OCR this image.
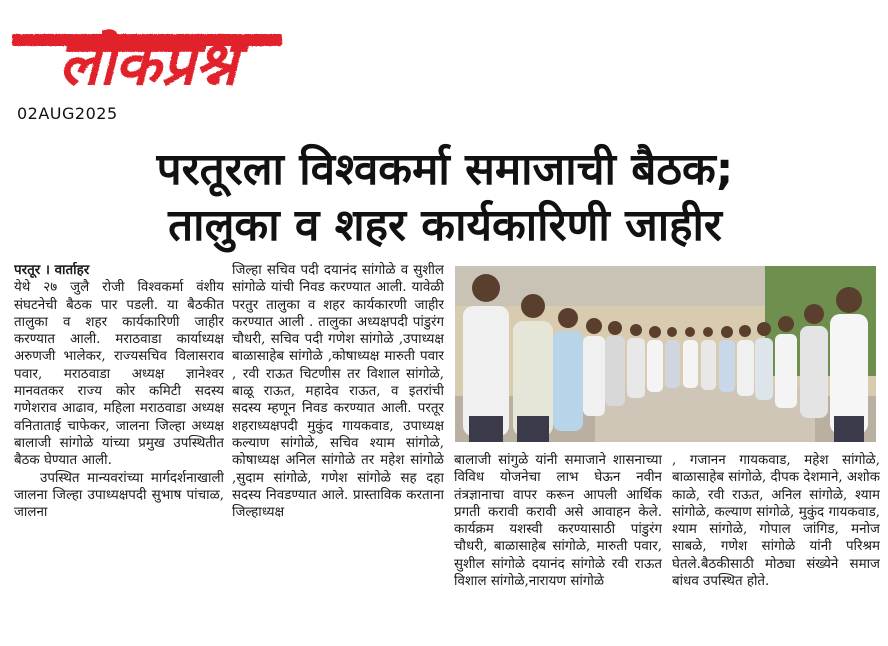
लोकप्रश्न
02AUG2025
परतूरला विश्वकर्मा समाजाची बैठक;
तालुका व शहर कार्यकारिणी जाहीर

परतूर । वार्ताहर

येथे २७ जुलै रोजी विश्वकर्मा वंशीय संघटनेची बैठक पार पडली. या बैठकीत तालुका व शहर कार्यकारिणी जाहीर करण्यात आली. मराठवाडा कार्याध्यक्ष अरुणजी भालेकर, राज्यसचिव विलासराव पवार, मराठवाडा अध्यक्ष ज्ञानेश्वर मानवतकर राज्य कोर कमिटी सदस्य गणेशराव आढाव, महिला मराठवाडा अध्यक्ष वनिताताई चाफेकर, जालना जिल्हा अध्यक्ष बालाजी सांगोळे यांच्या प्रमुख उपस्थितीत बैठक घेण्यात आली.

उपस्थित मान्यवरांच्या मार्गदर्शनाखाली जालना जिल्हा उपाध्यक्षपदी सुभाष पांचाळ, जालना

जिल्हा सचिव पदी दयानंद सांगोळे व सुशील सांगोळे यांची निवड करण्यात आली. यावेळी परतुर तालुका व शहर कार्यकारणी जाहीर करण्यात आली . तालुका अध्यक्षपदी पांडुरंग चौधरी, सचिव पदी गणेश सांगोळे ,उपाध्यक्ष बाळासाहेब सांगोळे ,कोषाध्यक्ष मारुती पवार , रवी राऊत चिटणीस तर विशाल सांगोळे, बाळू राऊत, महादेव राऊत, व इतरांची सदस्य म्हणून निवड करण्यात आली. परतूर शहराध्यक्षपदी मुकुंद गायकवाड, उपाध्यक्ष कल्याण सांगोळे, सचिव श्याम सांगोळे, कोषाध्यक्ष अनिल सांगोळे तर महेश सांगोळे ,सुदाम सांगोळे, गणेश सांगोळे सह दहा सदस्य निवडण्यात आले. प्रास्ताविक करताना जिल्हाध्यक्ष

बालाजी सांगुळे यांनी समाजाने शासनाच्या विविध योजनेचा लाभ घेऊन नवीन तंत्रज्ञानाचा वापर करून आपली आर्थिक प्रगती करावी करावी असे आवाहन केले. कार्यक्रम यशस्वी करण्यासाठी पांडुरंग चौधरी, बाळासाहेब सांगोळे, मारुती पवार, सुशील सांगोळे दयानंद सांगोळे रवी राऊत विशाल सांगोळे,नारायण सांगोळे

, गजानन गायकवाड, महेश सांगोळे, बाळासाहेब सांगोळे, दीपक देशमाने, अशोक काळे, रवी राऊत, अनिल सांगोळे, श्याम सांगोळे, कल्याण सांगोळे, मुकुंद गायकवाड, श्याम सांगोळे, गोपाल जांगिड, मनोज साबळे, गणेश सांगोळे यांनी परिश्रम घेतले.बैठकीसाठी मोठ्या संख्येने समाज बांधव उपस्थित होते.
